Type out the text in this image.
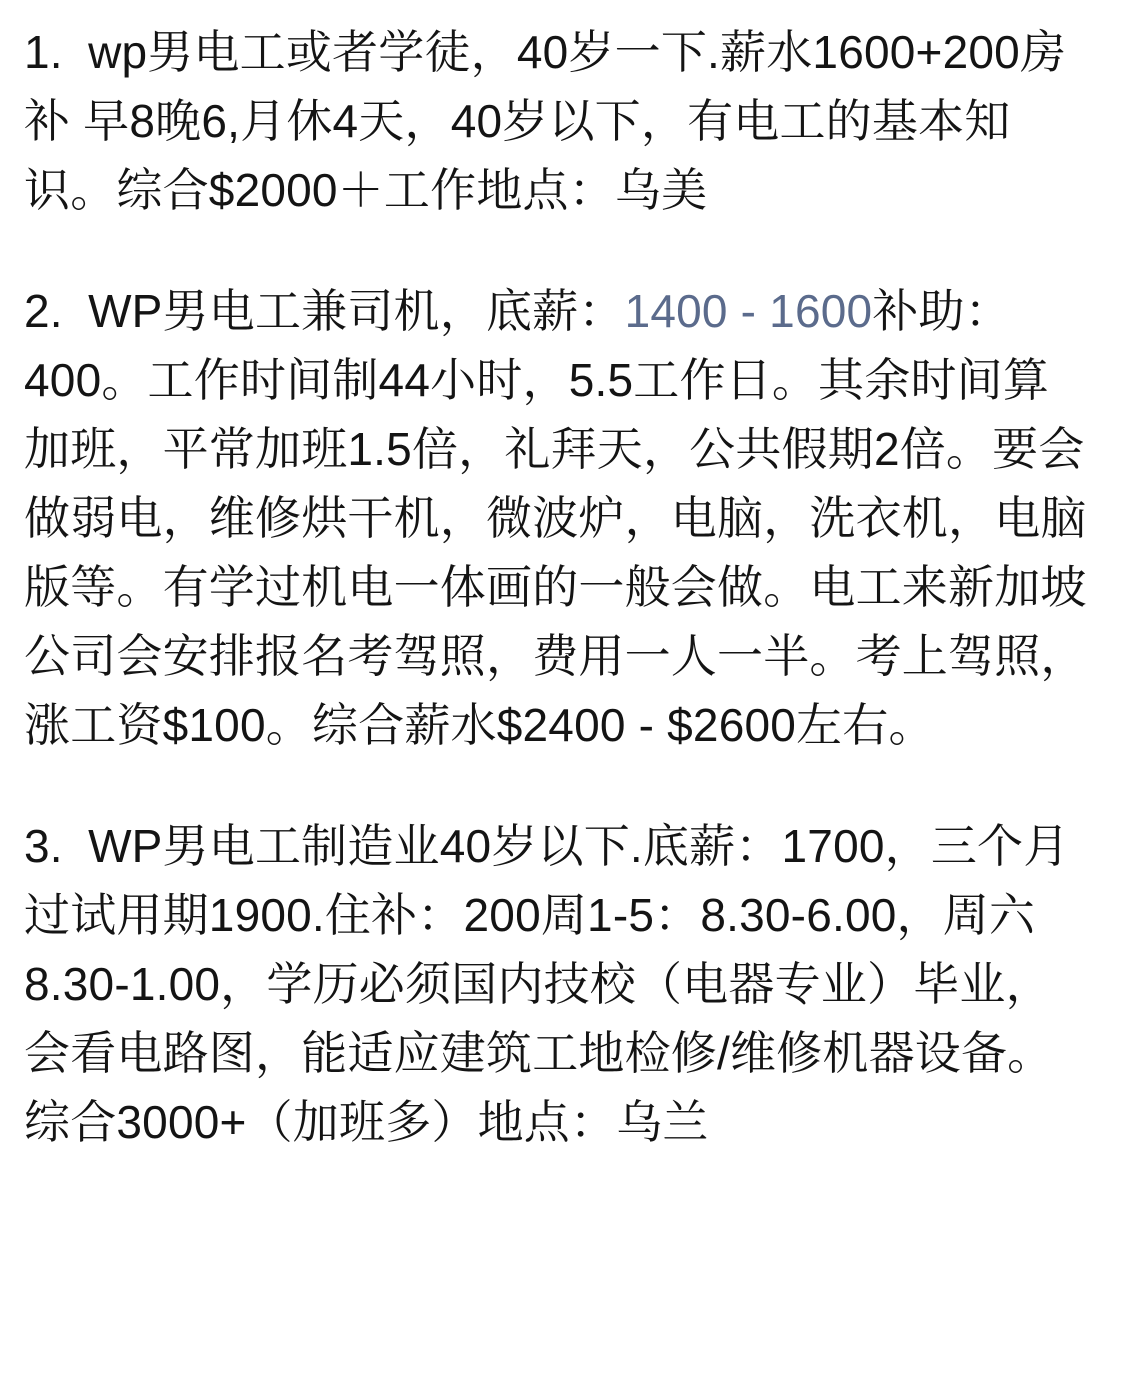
1. wp男电工或者学徒，40岁一下.薪水1600+200房补 早8晚6,月休4天，40岁以下，有电工的基本知识。综合$2000＋工作地点：乌美

2. WP男电工兼司机，底薪：1400 - 1600补助：400。工作时间制44小时，5.5工作日。其余时间算加班，平常加班1.5倍，礼拜天，公共假期2倍。要会做弱电，维修烘干机，微波炉，电脑，洗衣机，电脑版等。有学过机电一体画的一般会做。电工来新加坡公司会安排报名考驾照，费用一人一半。考上驾照，涨工资$100。综合薪水$2400 - $2600左右。

3. WP男电工制造业40岁以下.底薪：1700，三个月过试用期1900.住补：200周1-5：8.30-6.00，周六8.30-1.00，学历必须国内技校（电器专业）毕业，会看电路图，能适应建筑工地检修/维修机器设备。综合3000+（加班多）地点：乌兰
